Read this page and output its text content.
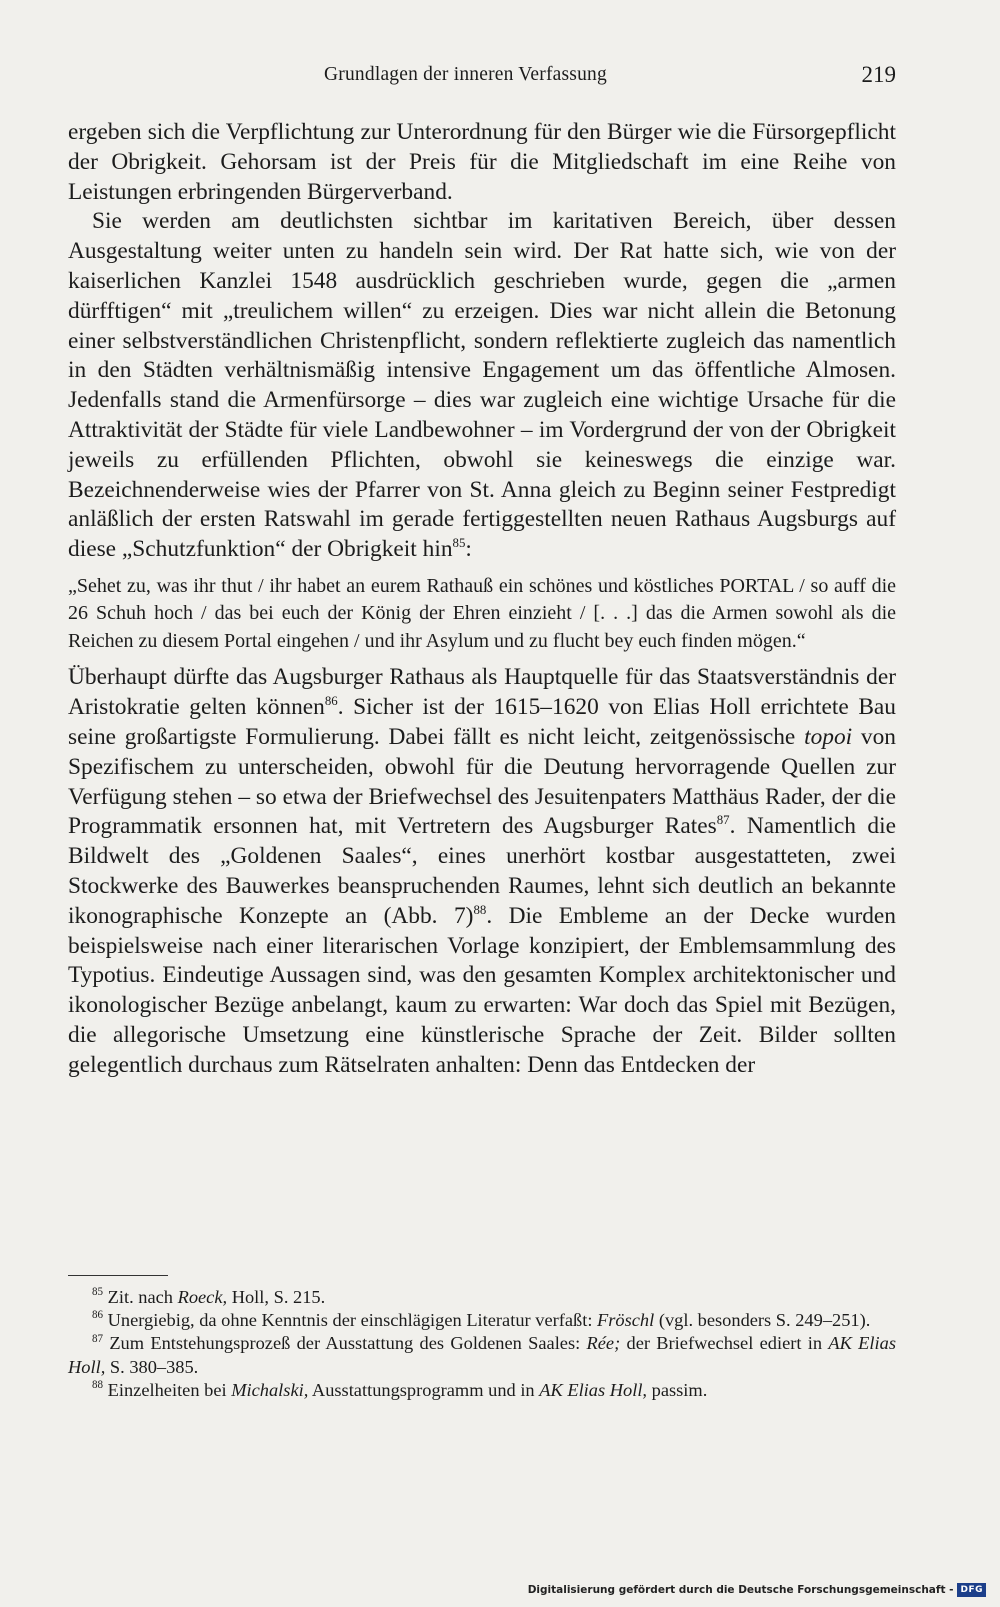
Grundlagen der inneren Verfassung	219

ergeben sich die Verpflichtung zur Unterordnung für den Bürger wie die Fürsorgepflicht der Obrigkeit. Gehorsam ist der Preis für die Mitgliedschaft im eine Reihe von Leistungen erbringenden Bürgerverband.

Sie werden am deutlichsten sichtbar im karitativen Bereich, über dessen Ausgestaltung weiter unten zu handeln sein wird. Der Rat hatte sich, wie von der kaiserlichen Kanzlei 1548 ausdrücklich geschrieben wurde, gegen die „armen dürfftigen“ mit „treulichem willen“ zu erzeigen. Dies war nicht allein die Betonung einer selbstverständlichen Christenpflicht, sondern reflektierte zugleich das namentlich in den Städten verhältnismäßig intensive Engagement um das öffentliche Almosen. Jedenfalls stand die Armenfürsorge – dies war zugleich eine wichtige Ursache für die Attraktivität der Städte für viele Landbewohner – im Vordergrund der von der Obrigkeit jeweils zu erfüllenden Pflichten, obwohl sie keineswegs die einzige war. Bezeichnenderweise wies der Pfarrer von St. Anna gleich zu Beginn seiner Festpredigt anläßlich der ersten Ratswahl im gerade fertiggestellten neuen Rathaus Augsburgs auf diese „Schutzfunktion“ der Obrigkeit hin$^{85}$:

„Sehet zu, was ihr thut / ihr habet an eurem Rathauß ein schönes und köstliches PORTAL / so auff die 26 Schuh hoch / das bei euch der König der Ehren einzieht / [. . .] das die Armen sowohl als die Reichen zu diesem Portal eingehen / und ihr Asylum und zu flucht bey euch finden mögen.“

Überhaupt dürfte das Augsburger Rathaus als Hauptquelle für das Staatsverständnis der Aristokratie gelten können$^{86}$. Sicher ist der 1615–1620 von Elias Holl errichtete Bau seine großartigste Formulierung. Dabei fällt es nicht leicht, zeitgenössische topoi von Spezifischem zu unterscheiden, obwohl für die Deutung hervorragende Quellen zur Verfügung stehen – so etwa der Briefwechsel des Jesuitenpaters Matthäus Rader, der die Programmatik ersonnen hat, mit Vertretern des Augsburger Rates$^{87}$. Namentlich die Bildwelt des „Goldenen Saales“, eines unerhört kostbar ausgestatteten, zwei Stockwerke des Bauwerkes beanspruchenden Raumes, lehnt sich deutlich an bekannte ikonographische Konzepte an (Abb. 7)$^{88}$. Die Embleme an der Decke wurden beispielsweise nach einer literarischen Vorlage konzipiert, der Emblemsammlung des Typotius. Eindeutige Aussagen sind, was den gesamten Komplex architektonischer und ikonologischer Bezüge anbelangt, kaum zu erwarten: War doch das Spiel mit Bezügen, die allegorische Umsetzung eine künstlerische Sprache der Zeit. Bilder sollten gelegentlich durchaus zum Rätselraten anhalten: Denn das Entdecken der

$^{85}$ Zit. nach Roeck, Holl, S. 215.

$^{86}$ Unergiebig, da ohne Kenntnis der einschlägigen Literatur verfaßt: Fröschl (vgl. besonders S. 249–251).

$^{87}$ Zum Entstehungsprozeß der Ausstattung des Goldenen Saales: Rée; der Briefwechsel ediert in AK Elias Holl, S. 380–385.

$^{88}$ Einzelheiten bei Michalski, Ausstattungsprogramm und in AK Elias Holl, passim.

Digitalisierung gefördert durch die Deutsche Forschungsgemeinschaft - DFG
